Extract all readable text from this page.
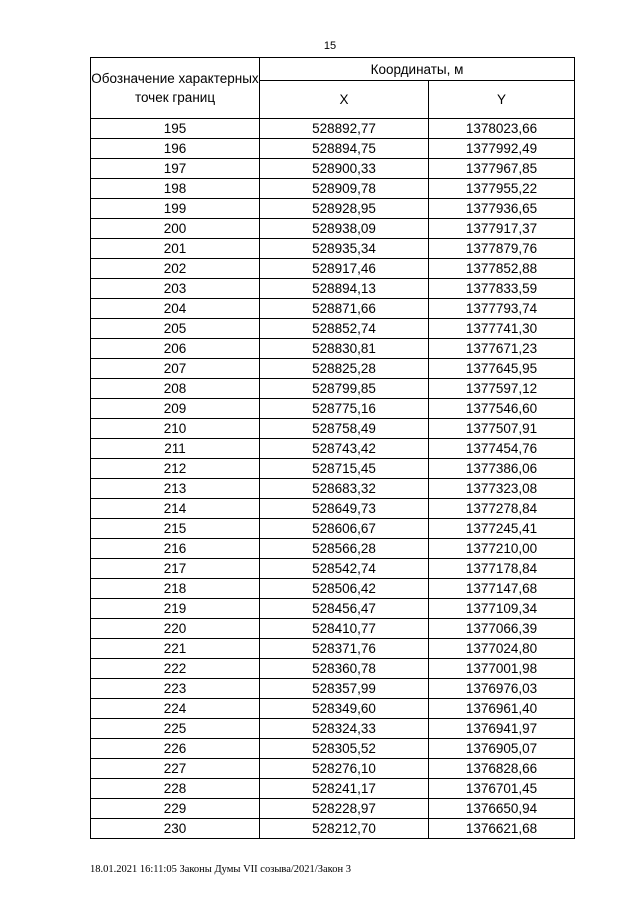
15
Обозначение характерных точек границ	Координаты, м	
	X	Y
195	528892,77	1378023,66
196	528894,75	1377992,49
197	528900,33	1377967,85
198	528909,78	1377955,22
199	528928,95	1377936,65
200	528938,09	1377917,37
201	528935,34	1377879,76
202	528917,46	1377852,88
203	528894,13	1377833,59
204	528871,66	1377793,74
205	528852,74	1377741,30
206	528830,81	1377671,23
207	528825,28	1377645,95
208	528799,85	1377597,12
209	528775,16	1377546,60
210	528758,49	1377507,91
211	528743,42	1377454,76
212	528715,45	1377386,06
213	528683,32	1377323,08
214	528649,73	1377278,84
215	528606,67	1377245,41
216	528566,28	1377210,00
217	528542,74	1377178,84
218	528506,42	1377147,68
219	528456,47	1377109,34
220	528410,77	1377066,39
221	528371,76	1377024,80
222	528360,78	1377001,98
223	528357,99	1376976,03
224	528349,60	1376961,40
225	528324,33	1376941,97
226	528305,52	1376905,07
227	528276,10	1376828,66
228	528241,17	1376701,45
229	528228,97	1376650,94
230	528212,70	1376621,68
18.01.2021 16:11:05 Законы Думы VII созыва/2021/Закон 3
